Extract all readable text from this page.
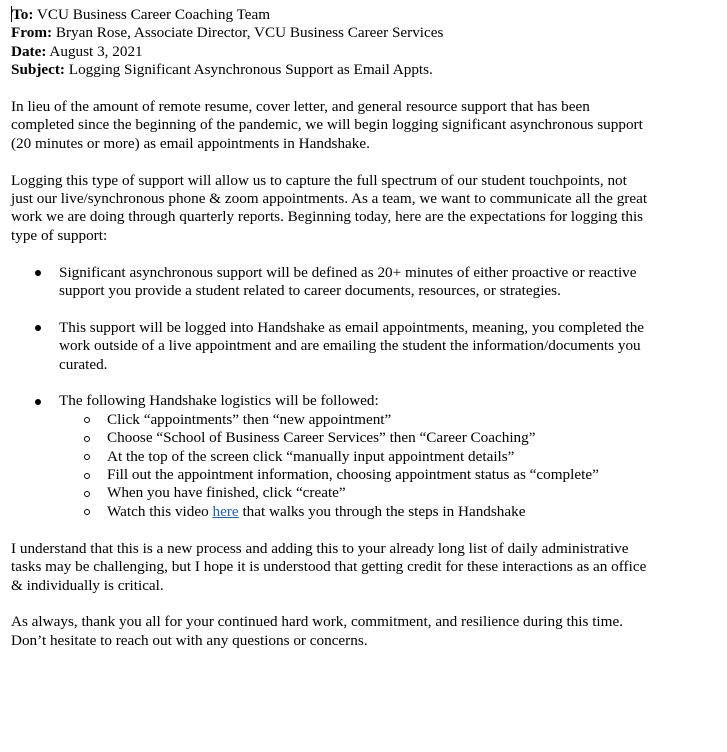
To: VCU Business Career Coaching Team

From: Bryan Rose, Associate Director, VCU Business Career Services

Date: August 3, 2021

Subject: Logging Significant Asynchronous Support as Email Appts.

In lieu of the amount of remote resume, cover letter, and general resource support that has been completed since the beginning of the pandemic, we will begin logging significant asynchronous support (20 minutes or more) as email appointments in Handshake.

Logging this type of support will allow us to capture the full spectrum of our student touchpoints, not just our live/synchronous phone & zoom appointments. As a team, we want to communicate all the great work we are doing through quarterly reports. Beginning today, here are the expectations for logging this type of support:

Significant asynchronous support will be defined as 20+ minutes of either proactive or reactive support you provide a student related to career documents, resources, or strategies.
This support will be logged into Handshake as email appointments, meaning, you completed the work outside of a live appointment and are emailing the student the information/documents you curated.
The following Handshake logistics will be followed:
Click “appointments” then “new appointment”
Choose “School of Business Career Services” then “Career Coaching”
At the top of the screen click “manually input appointment details”
Fill out the appointment information, choosing appointment status as “complete”
When you have finished, click “create”
Watch this video here that walks you through the steps in Handshake

I understand that this is a new process and adding this to your already long list of daily administrative tasks may be challenging, but I hope it is understood that getting credit for these interactions as an office & individually is critical.

As always, thank you all for your continued hard work, commitment, and resilience during this time. Don’t hesitate to reach out with any questions or concerns.
